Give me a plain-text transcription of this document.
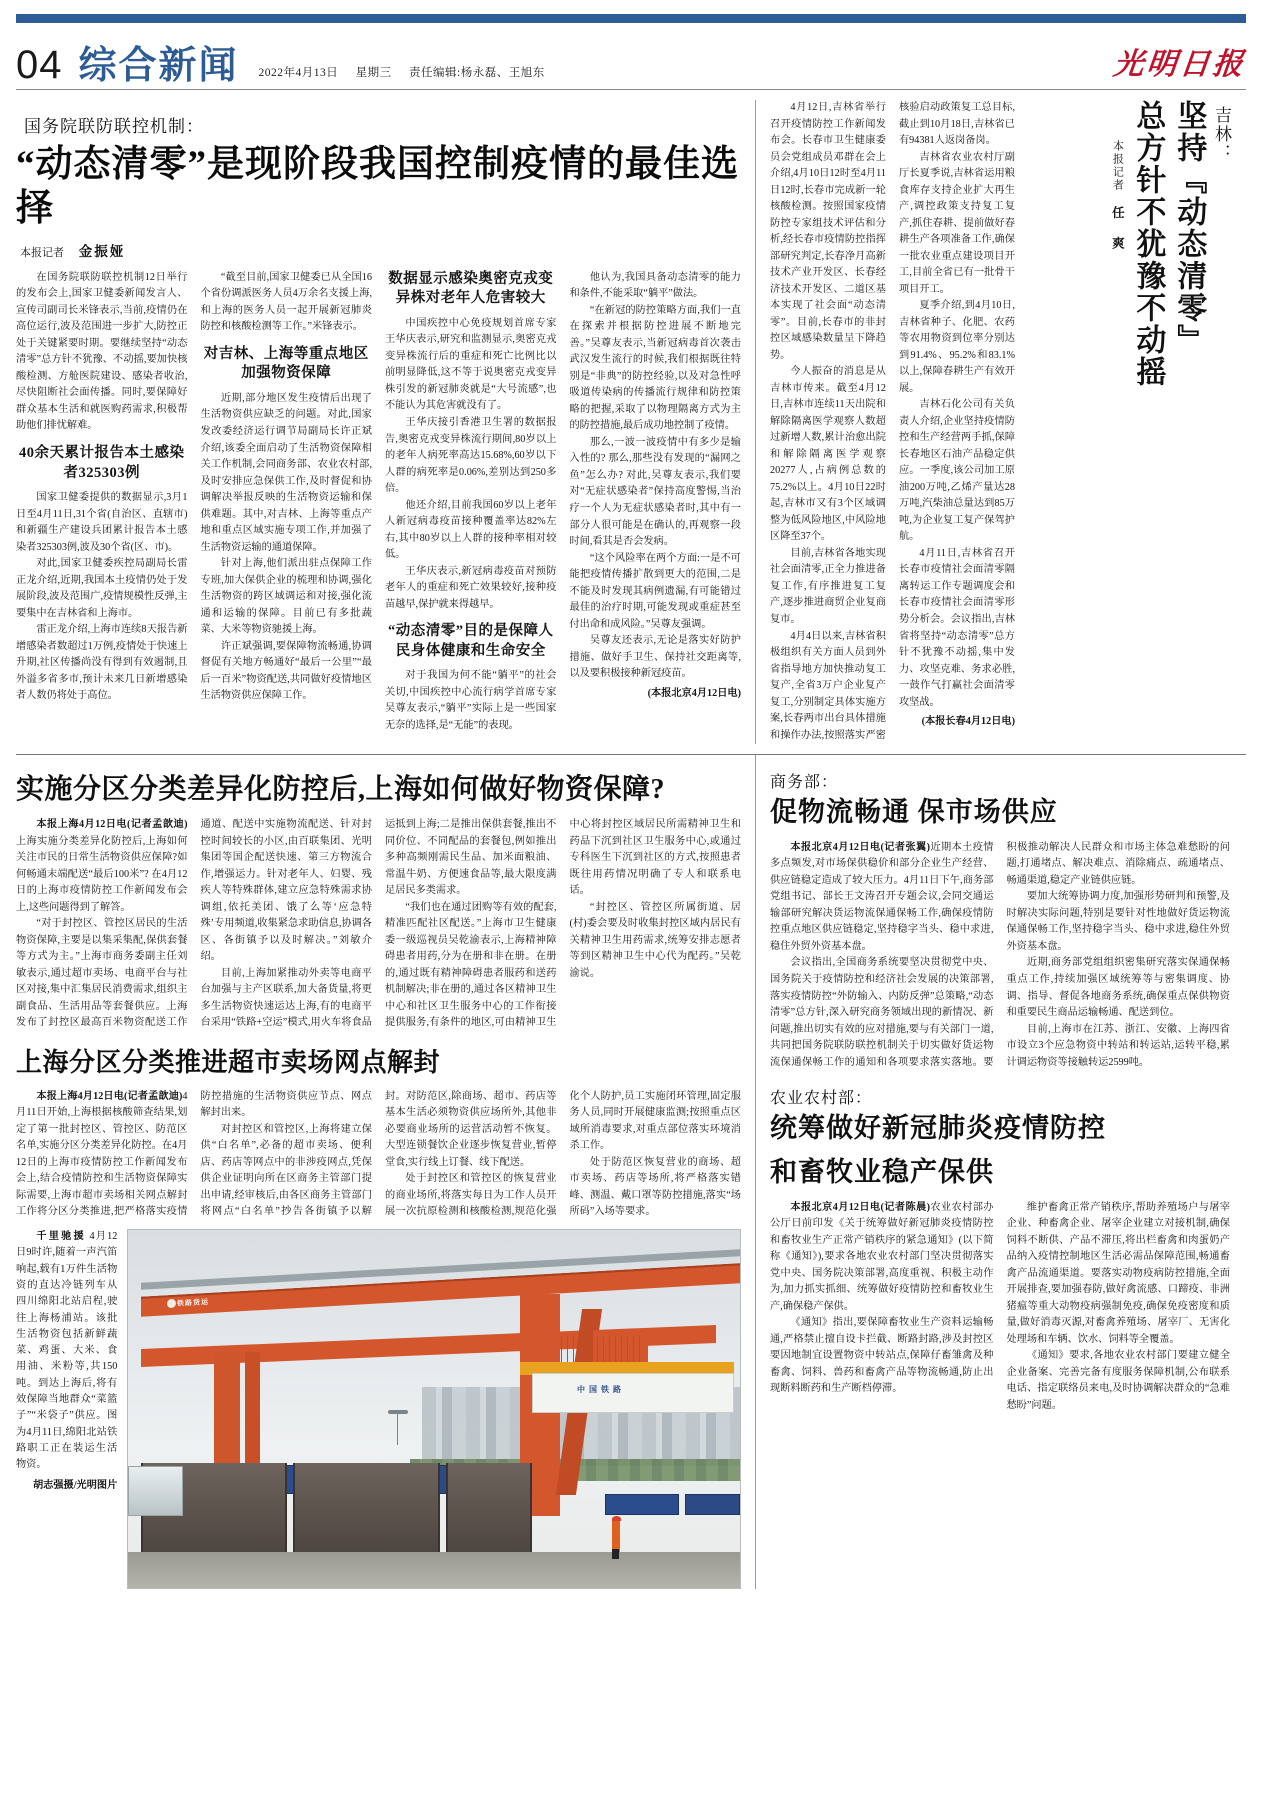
04 综合新闻 2022年4月13日 星期三 责任编辑:杨永磊、王旭东	光明日报
国务院联防联控机制：
“动态清零”是现阶段我国控制疫情的最佳选择
本报记者 金振娅

在国务院联防联控机制12日举行的发布会上,国家卫健委新闻发言人、宣传司副司长米锋表示,当前,疫情仍在高位运行,波及范围进一步扩大,防控正处于关键紧要时期。要继续坚持“动态清零”总方针不犹豫、不动摇,要加快核酸检测、方舱医院建设、感染者收治,尽快阻断社会面传播。同时,要保障好群众基本生活和就医购药需求,积极帮助他们排忧解难。

40余天累计报告本土感染者325303例

国家卫健委提供的数据显示,3月1日至4月11日,31个省(自治区、直辖市)和新疆生产建设兵团累计报告本土感染者325303例,波及30个省(区、市)。

对此,国家卫健委疾控局副局长雷正龙介绍,近期,我国本土疫情仍处于发展阶段,波及范围广,疫情规模性反弹,主要集中在吉林省和上海市。

雷正龙介绍,上海市连续8天报告新增感染者数超过1万例,疫情处于快速上升期,社区传播尚没有得到有效遏制,且外溢多省多市,预计未来几日新增感染者人数仍将处于高位。

“截至目前,国家卫健委已从全国16个省份调派医务人员4万余名支援上海,和上海的医务人员一起开展新冠肺炎防控和核酸检测等工作。”米锋表示。

对吉林、上海等重点地区加强物资保障

近期,部分地区发生疫情后出现了生活物资供应缺乏的问题。对此,国家发改委经济运行调节局副局长许正斌介绍,该委全面启动了生活物资保障相关工作机制,会同商务部、农业农村部,及时安排应急保供工作,及时督促和协调解决举报反映的生活物资运输和保供难题。其中,对吉林、上海等重点产地和重点区域实施专项工作,并加强了生活物资运输的通道保障。

针对上海,他们派出驻点保障工作专班,加大保供企业的梳理和协调,强化生活物资的跨区域调运和对接,强化流通和运输的保障。目前已有多批蔬菜、大米等物资驰援上海。

许正斌强调,要保障物流畅通,协调督促有关地方畅通好“最后一公里”“最后一百米”物资配送,共同做好疫情地区生活物资供应保障工作。

数据显示感染奥密克戎变异株对老年人危害较大

中国疾控中心免疫规划首席专家王华庆表示,研究和监测显示,奥密克戎变异株流行后的重症和死亡比例比以前明显降低,这不等于说奥密克戎变异株引发的新冠肺炎就是“大号流感”,也不能认为其危害就没有了。

王华庆接引香港卫生署的数据报告,奥密克戎变异株流行期间,80岁以上的老年人病死率高达15.68%,60岁以下人群的病死率是0.06%,差别达到250多倍。

他还介绍,目前我国60岁以上老年人新冠病毒疫苗接种覆盖率达82%左右,其中80岁以上人群的接种率相对较低。

王华庆表示,新冠病毒疫苗对预防老年人的重症和死亡效果较好,接种疫苗越早,保护就来得越早。

“动态清零”目的是保障人民身体健康和生命安全

对于我国为何不能“躺平”的社会关切,中国疾控中心流行病学首席专家吴尊友表示,“躺平”实际上是一些国家无奈的选择,是“无能”的表现。

他认为,我国具备动态清零的能力和条件,不能采取“躺平”做法。

“在新冠的防控策略方面,我们一直在探索并根据防控进展不断地完善。”吴尊友表示,当新冠病毒首次袭击武汉发生流行的时候,我们根据既往特别是“非典”的防控经验,以及对急性呼吸道传染病的传播流行规律和防控策略的把握,采取了以物理隔离方式为主的防控措施,最后成功地控制了疫情。

那么,一波一波疫情中有多少是输入性的? 那么,那些没有发现的“漏网之鱼”怎么办? 对此,吴尊友表示,我们要对“无症状感染者”保持高度警惕,当治疗一个人为无症状感染者时,其中有一部分人很可能是在确认的,再观察一段时间,看其是否会发病。

“这个风险率在两个方面:一是不可能把疫情传播扩散到更大的范围,二是不能及时发现其病例遗漏,有可能错过最佳的治疗时期,可能发现或重症甚至付出命和成风险。”吴尊友强调。

吴尊友还表示,无论是落实好防护措施、做好手卫生、保持社交距离等,以及要积极接种新冠疫苗。

(本报北京4月12日电)
吉林：
坚持『动态清零』
总方针不犹豫不动摇
本报记者 任 爽

4月12日,吉林省举行召开疫情防控工作新闻发布会。长春市卫生健康委员会党组成员邓群在会上介绍,4月10日12时至4月11日12时,长春市完成新一轮核酸检测。按照国家疫情防控专家组技术评估和分析,经长春市疫情防控指挥部研究判定,长春净月高新技术产业开发区、长春经济技术开发区、二道区基本实现了社会面“动态清零”。目前,长春市的非封控区域感染数量呈下降趋势。

今人振奋的消息是从吉林市传来。截至4月12日,吉林市连续11天出院和解除隔离医学观察人数超过新增人数,累计治愈出院和解除隔离医学观察20277人,占病例总数的75.2%以上。4月10日22时起,吉林市又有3个区域调整为低风险地区,中风险地区降至37个。

目前,吉林省各地实现社会面清零,正全力推进备复工作,有序推进复工复产,逐步推进商贸企业复商复市。

4月4日以来,吉林省积极组织有关方面人员到外省指导地方加快推动复工复产,全省3万户企业复产复工,分别制定具体实施方案,长春两市出台具体措施和操作办法,按照落实严密核验启动政策复工总目标,截止到10月18日,吉林省已有94381人返岗备岗。

吉林省农业农村厅副厅长夏季说,吉林省运用粮食库存支持企业扩大再生产,调控政策支持复工复产,抓住春耕、提前做好春耕生产各项准备工作,确保一批农业重点建设项目开工,目前全省已有一批骨干项目开工。

夏季介绍,到4月10日,吉林省种子、化肥、农药等农用物资到位率分别达到91.4%、95.2%和83.1%以上,保障春耕生产有效开展。

吉林石化公司有关负责人介绍,企业坚持疫情防控和生产经营两手抓,保障长春地区石油产品稳定供应。一季度,该公司加工原油200万吨,乙烯产量达28万吨,汽柴油总量达到85万吨,为企业复工复产保驾护航。

4月11日,吉林省召开长春市疫情社会面清零隔离转运工作专题调度会和长春市疫情社会面清零形势分析会。会议指出,吉林省将坚持“动态清零”总方针不犹豫不动摇,集中发力、攻坚克难、务求必胜,一鼓作气打赢社会面清零攻坚战。

(本报长春4月12日电)
实施分区分类差异化防控后,上海如何做好物资保障?

本报上海4月12日电(记者孟歆迪)上海实施分类差异化防控后,上海如何关注市民的日常生活物资供应保障?如何畅通末端配送“最后100米”? 在4月12日的上海市疫情防控工作新闻发布会上,这些问题得到了解答。

“对于封控区、管控区居民的生活物资保障,主要是以集采集配,保供套餐等方式为主。”上海市商务委副主任刘敏表示,通过超市卖场、电商平台与社区对接,集中汇集居民消费需求,组织主副食品、生活用品等套餐供应。上海发布了封控区最高百米物资配送工作通道、配送中实施物流配送、针对封控时间较长的小区,由百联集团、光明集团等国企配送快速、第三方物流合作,增强运力。针对老年人、妇婴、残疾人等特殊群体,建立应急特殊需求协调组,依托美团、饿了么等‘应急特殊’专用频道,收集紧急求助信息,协调各区、各街镇予以及时解决。”刘敏介绍。

目前,上海加紧推动外卖等电商平台加强与主产区联系,加大备货量,将更多生活物资快速运达上海,有的电商平台采用“铁路+空运”模式,用火车将食品运抵到上海;二是推出保供套餐,推出不同价位、不同配品的套餐包,例如推出多种高频刚需民生品、加米面粮油、常温牛奶、方便速食品等,最大限度满足居民多类需求。

“我们也在通过团购等有效的配套,精准匹配社区配送。”上海市卫生健康委一级巡视员吴乾渝表示,上海精神障碍患者用药,分为在册和非在册。在册的,通过既有精神障碍患者服药和送药机制解决;非在册的,通过各区精神卫生中心和社区卫生服务中心的工作衔接提供服务,有条件的地区,可由精神卫生中心将封控区域居民所需精神卫生和药品下沉到社区卫生服务中心,或通过专科医生下沉到社区的方式,按照患者既往用药情况明确了专人和联系电话。

“封控区、管控区所属街道、居(村)委会要及时收集封控区域内居民有关精神卫生用药需求,统筹安排志愿者等到区精神卫生中心代为配药。”吴乾渝说。

上海分区分类推进超市卖场网点解封

本报上海4月12日电(记者孟歆迪)4月11日开始,上海根据核酸筛查结果,划定了第一批封控区、管控区、防范区名单,实施分区分类差异化防控。在4月12日的上海市疫情防控工作新闻发布会上,结合疫情防控和生活物资保障实际需要,上海市超市卖场相关网点解封工作将分区分类推进,把严格落实疫情防控措施的生活物资供应节点、网点解封出来。

对封控区和管控区,上海将建立保供“白名单”,必备的超市卖场、便利店、药店等网点中的非涉疫网点,凭保供企业证明向所在区商务主管部门提出申请,经审核后,由各区商务主管部门将网点“白名单”抄告各街镇予以解封。对防范区,除商场、超市、药店等基本生活必须物资供应场所外,其他非必要商业场所的运营活动暂不恢复。大型连锁餐饮企业逐步恢复营业,暂停堂食,实行线上订餐、线下配送。

处于封控区和管控区的恢复营业的商业场所,将落实每日为工作人员开展一次抗原检测和核酸检测,规范化强化个人防护,员工实施闭环管理,固定服务人员,同时开展健康监测;按照重点区域所消毒要求,对重点部位落实环境消杀工作。

处于防范区恢复营业的商场、超市卖场、药店等场所,将严格落实错峰、测温、戴口罩等防控措施,落实“场所码”入场等要求。

千里驰援 4月12日9时许,随着一声汽笛响起,载有1万件生活物资的直达冷链列车从四川绵阳北站启程,驶往上海杨浦站。该批生活物资包括新鲜蔬菜、鸡蛋、大米、食用油、米粉等,共150吨。到达上海后,将有效保障当地群众“菜篮子”“米袋子”供应。图为4月11日,绵阳北站铁路职工正在装运生活物资。

胡志强摄/光明图片
铁路货运
中国铁路
商务部：
促物流畅通 保市场供应

本报北京4月12日电(记者张翼)近期本土疫情多点频发,对市场保供稳价和部分企业生产经营、供应链稳定造成了较大压力。4月11日下午,商务部党组书记、部长王文涛召开专题会议,会同交通运输部研究解决货运物流保通保畅工作,确保疫情防控重点地区供应链稳定,坚持稳字当头、稳中求进,稳住外贸外资基本盘。

会议指出,全国商务系统要坚决贯彻党中央、国务院关于疫情防控和经济社会发展的决策部署,落实疫情防控“外防输入、内防反弹”总策略,“动态清零”总方针,深入研究商务领域出现的新情况、新问题,推出切实有效的应对措施,要与有关部门一道,共同把国务院联防联控机制关于切实做好货运物流保通保畅工作的通知和各项要求落实落地。要积极推动解决人民群众和市场主体急难愁盼的问题,打通堵点、解决难点、消除痛点、疏通堵点、畅通渠道,稳定产业链供应链。

要加大统筹协调力度,加强形势研判和预警,及时解决实际问题,特别是要针对性地做好货运物流保通保畅工作,坚持稳字当头、稳中求进,稳住外贸外资基本盘。

近期,商务部党组组织密集研究落实保通保畅重点工作,持续加强区域统筹等与密集调度、协调、指导、督促各地商务系统,确保重点保供物资和重要民生商品运输畅通、配送到位。

目前,上海市在江苏、浙江、安徽、上海四省市设立3个应急物资中转站和转运站,运转平稳,累计调运物资等接触转运2599吨。

农业农村部：
统筹做好新冠肺炎疫情防控
和畜牧业稳产保供

本报北京4月12日电(记者陈晨)农业农村部办公厅日前印发《关于统筹做好新冠肺炎疫情防控和畜牧业生产正常产销秩序的紧急通知》(以下简称《通知》),要求各地农业农村部门坚决贯彻落实党中央、国务院决策部署,高度重视、积极主动作为,加力抓实抓细、统筹做好疫情防控和畜牧业生产,确保稳产保供。

《通知》指出,要保障畜牧业生产资料运输畅通,严格禁止擅自设卡拦截、断路封路,涉及封控区要因地制宜设置物资中转站点,保障仔畜雏禽及种畜禽、饲料、兽药和畜禽产品等物流畅通,防止出现断料断药和生产断档停滞。

维护畜禽正常产销秩序,帮助养殖场户与屠宰企业、种畜禽企业、屠宰企业建立对接机制,确保饲料不断供、产品不滞压,将出栏畜禽和肉蛋奶产品纳入疫情控制地区生活必需品保障范围,畅通畜禽产品流通渠道。要落实动物疫病防控措施,全面开展排查,要加强春防,做好禽流感、口蹄疫、非洲猪瘟等重大动物疫病强制免疫,确保免疫密度和质量,做好消毒灭源,对畜禽养殖场、屠宰厂、无害化处理场和车辆、饮水、饲料等全覆盖。

《通知》要求,各地农业农村部门要建立健全企业备案、完善完备有度服务保障机制,公布联系电话、指定联络员来电,及时协调解决群众的“急难愁盼”问题。
